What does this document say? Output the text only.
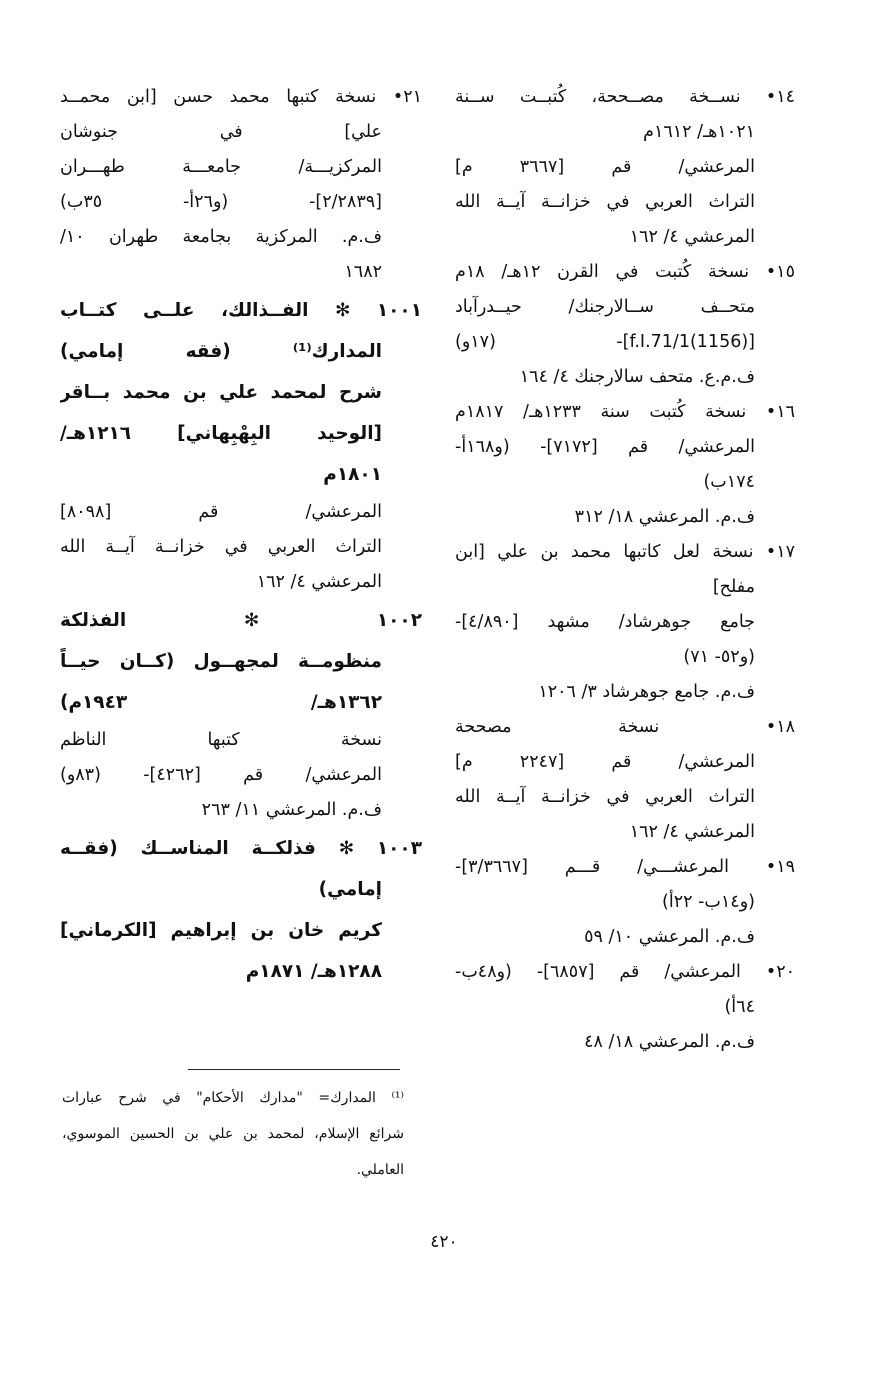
١٤• نســخة مصــححة، كُتبــت ســنة
١٠٢١هـ/ ١٦١٢م
المرعشي/ قم [٣٦٦٧ م]
التراث العربي في خزانــة آيــة الله
المرعشي ٤/ ١٦٢
١٥• نسخة كُتبت في القرن ١٢هـ/ ١٨م
متحــف ســالارجنك/ حيــدرآباد
[(1156)f.I.71/1]- (١٧و)
ف.م.ع. متحف سالارجنك ٤/ ١٦٤
١٦• نسخة كُتبت سنة ١٢٣٣هـ/ ١٨١٧م
المرعشي/ قم [٧١٧٢]- (و١٦٨أ-
١٧٤ب)
ف.م. المرعشي ١٨/ ٣١٢
١٧• نسخة لعل كاتبها محمد بن علي [ابن
مفلح]
جامع جوهرشاد/ مشهد [٤/٨٩٠]-
(و٥٢- ٧١)
ف.م. جامع جوهرشاد ٣/ ١٢٠٦
١٨• نسخة مصححة
المرعشي/ قم [٢٢٤٧ م]
التراث العربي في خزانــة آيــة الله
المرعشي ٤/ ١٦٢
١٩• المرعشـــي/ قـــم [٣/٣٦٦٧]-
(و١٤ب- ٢٢أ)
ف.م. المرعشي ١٠/ ٥٩
٢٠• المرعشي/ قم [٦٨٥٧]- (و٤٨ب-
٦٤أ)
ف.م. المرعشي ١٨/ ٤٨
٢١• نسخة كتبها محمد حسن [ابن محمــد
علي] في جنوشان
المركزيـــة/ جامعـــة طهـــران
[٢/٢٨٣٩]- (و٢٦أ- ٣٥ب)
ف.م. المركزية بجامعة طهران ١٠/
١٦٨٢
١٠٠١ ✻ الفــذالك، علــى كتــاب
المدارك⁽¹⁾ (فقه إمامي)
شرح لمحمد علي بن محمد بــاقر
[الوحيد البِهْبِهاني] ١٢١٦هـ/
١٨٠١م
المرعشي/ قم [٨٠٩٨]
التراث العربي في خزانــة آيــة الله
المرعشي ٤/ ١٦٢
١٠٠٢ ✻ الفذلكة
منظومــة لمجهــول (كــان حيــاً
١٣٦٢هـ/ ١٩٤٣م)
نسخة كتبها الناظم
المرعشي/ قم [٤٢٦٢]- (٨٣و)
ف.م. المرعشي ١١/ ٢٦٣
١٠٠٣ ✻ فذلكــة المناســك (فقــه
إمامي)
كريم خان بن إبراهيم [الكرماني]
١٢٨٨هـ/ ١٨٧١م
⁽¹⁾ المدارك= "مدارك الأحكام" في شرح عبارات
شرائع الإسلام، لمحمد بن علي بن الحسين الموسوي،
العاملي.
٤٢٠
